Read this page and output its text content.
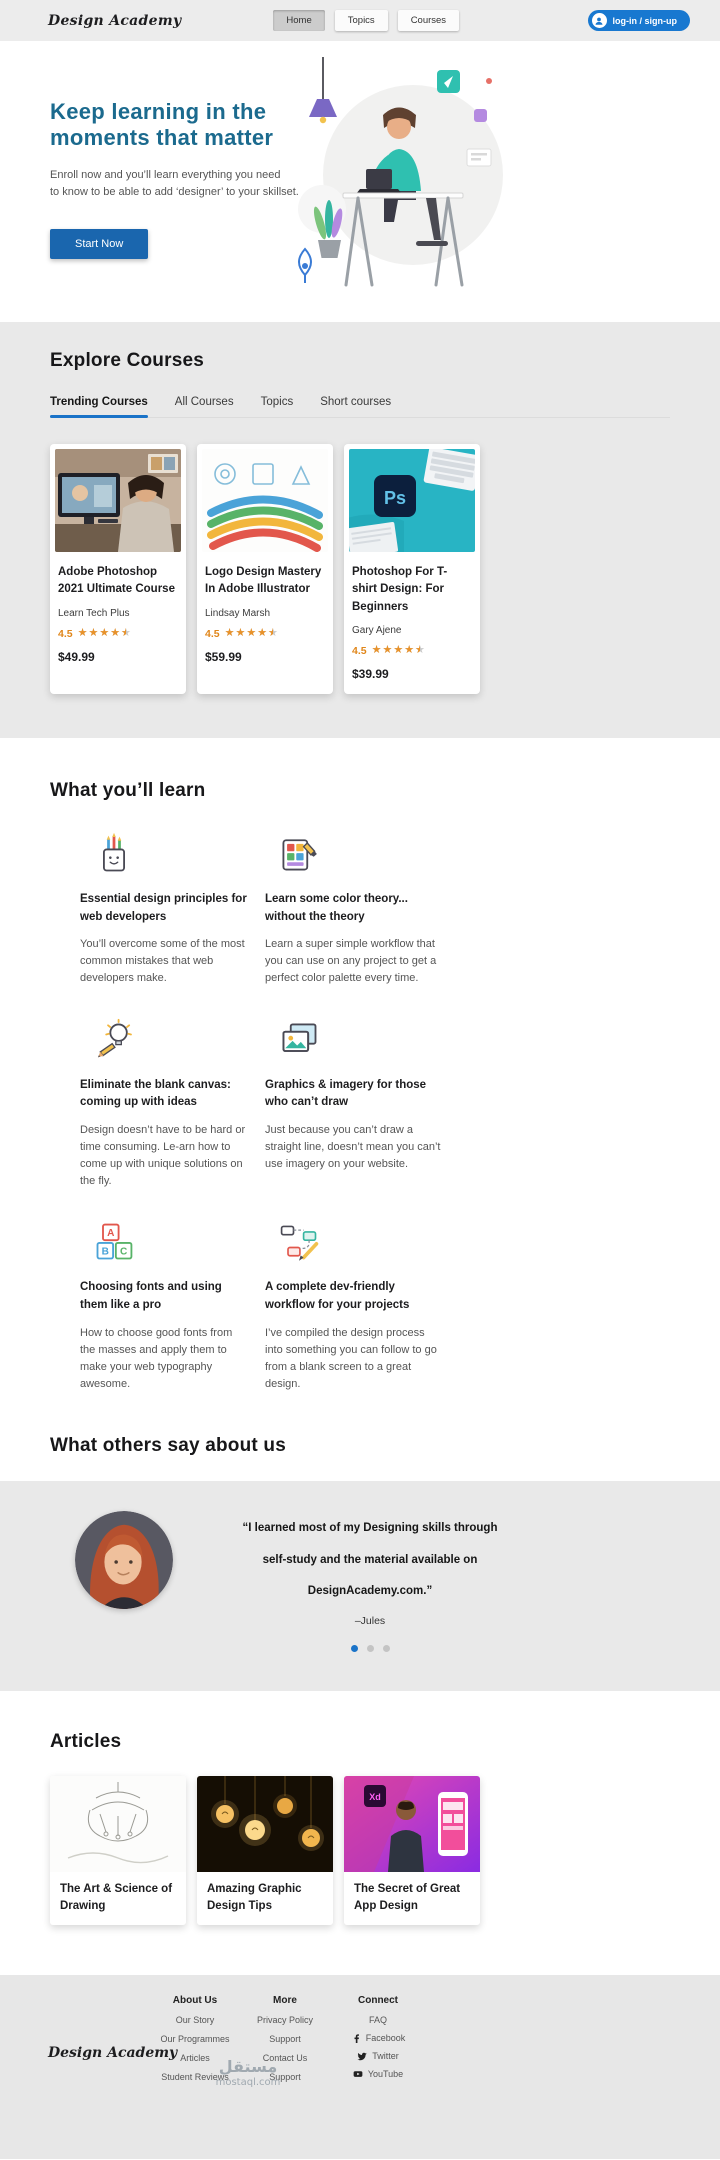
Design Academy	Home	Topics	Courses	log-in / sign-up
Keep learning in the
moments that matter

Enroll now and you’ll learn everything you need
to know to be able to add ‘designer’ to your skillset.

Start Now
Explore Courses
Trending Courses All Courses Topics Short courses
Adobe Photoshop 2021 Ultimate Course
Learn Tech Plus
4.5
★★★★★
★★★★★
$49.99
Logo Design Mastery In Adobe Illustrator
Lindsay Marsh
4.5
★★★★★
★★★★★
$59.99
Ps
Photoshop For T-shirt Design: For Beginners
Gary Ajene
4.5
★★★★★
★★★★★
$39.99
What you’ll learn
Essential design principles for web developers

You’ll overcome some of the most common mistakes that web developers make.

Learn some color theory... without the theory

Learn a super simple workflow that you can use on any project to get a perfect color palette every time.

Eliminate the blank canvas: coming up with ideas

Design doesn’t have to be hard or time consuming. Le-arn how to come up with unique solutions on the fly.

Graphics & imagery for those who can’t draw

Just because you can’t draw a straight line, doesn’t mean you can’t use imagery on your website.

A
B C
Choosing fonts and using them like a pro

How to choose good fonts from the masses and apply them to make your web typography awesome.

A complete dev-friendly workflow for your projects

I’ve compiled the design process into something you can follow to go from a blank screen to a great design.

What others say about us
“I learned most of my Designing skills through
self-study and the material available on
DesignAcademy.com.”
–Jules
Articles
The Art & Science of Drawing
Amazing Graphic Design Tips
Xd
The Secret of Great App Design
Design Academy
About Us
Our Story
Our Programmes
Articles
Student Reviews
More
Privacy Policy
Support
Contact Us
Support
Connect
FAQ
Facebook
Twitter
YouTube
مستقل
mostaql.com
